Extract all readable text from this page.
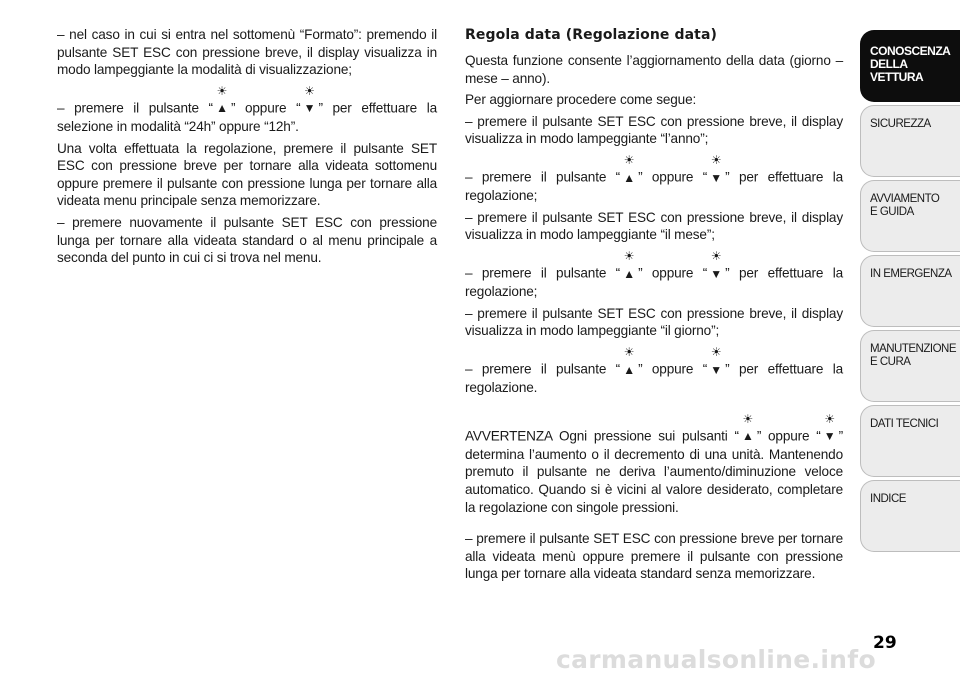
– nel caso in cui si entra nel sottomenù “Formato”: premendo il pulsante SET ESC con pressione breve, il display visualizza in modo lampeggiante la modalità di visualizzazione;

– premere il pulsante “☀▲ ” oppure “☀▼ ” per effettuare la selezione in modalità “24h” oppure “12h”.

Una volta effettuata la regolazione, premere il pulsante SET ESC con pressione breve per tornare alla videata sottomenu oppure premere il pulsante con pressione lunga per tornare alla videata menu principale senza memorizzare.

– premere nuovamente il pulsante SET ESC con pressione lunga per tornare alla videata standard o al menu principale a seconda del punto in cui ci si trova nel menu.

Regola data (Regolazione data)

Questa funzione consente l’aggiornamento della data (giorno – mese – anno).

Per aggiornare procedere come segue:

– premere il pulsante SET ESC con pressione breve, il display visualizza in modo lampeggiante “l’anno”;

– premere il pulsante “☀▲ ” oppure “☀▼ ” per effettuare la regolazione;

– premere il pulsante SET ESC con pressione breve, il display visualizza in modo lampeggiante “il mese”;

– premere il pulsante “☀▲ ” oppure “☀▼ ” per effettuare la regolazione;

– premere il pulsante SET ESC con pressione breve, il display visualizza in modo lampeggiante “il giorno”;

– premere il pulsante “☀▲ ” oppure “☀▼ ” per effettuare la regolazione.

AVVERTENZA Ogni pressione sui pulsanti “☀▲ ” oppure “☀▼ ” determina l’aumento o il decremento di una unità. Mantenendo premuto il pulsante ne deriva l’aumento/diminuzione veloce automatico. Quando si è vicini al valore desiderato, completare la regolazione con singole pressioni.

– premere il pulsante SET ESC con pressione breve per tornare alla videata menù oppure premere il pulsante con pressione lunga per tornare alla videata standard senza memorizzare.

CONOSCENZA
DELLA
VETTURA
SICUREZZA
AVVIAMENTO
E GUIDA
IN EMERGENZA
MANUTENZIONE
E CURA
DATI TECNICI
INDICE
29
carmanualsonline.info
